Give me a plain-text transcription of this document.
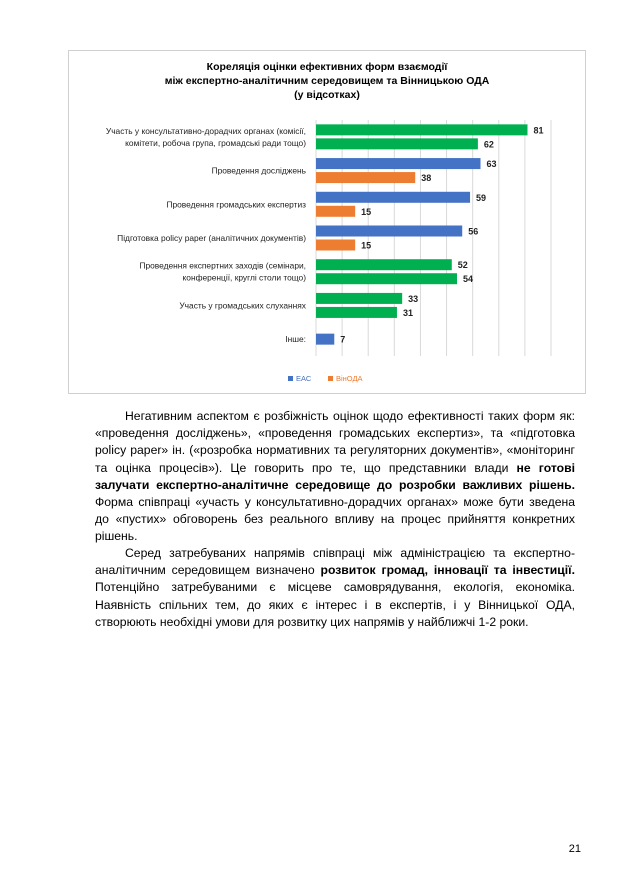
Кореляція оцінки ефективних форм взаємодії
між експертно-аналітичним середовищем та Вінницькою ОДА
(у відсотках)
Участь у консультативно-дорадчих органах (комісії,
комітети, робоча група, громадські ради тощо)
81
62
Проведення досліджень
63
38
Проведення громадських експертиз
59
15
Підготовка policy paper (аналітичних документів)
56
15
Проведення експертних заходів (семінари,
конференції, круглі столи тощо)
52
54
Участь у громадських слуханнях
33
31
Інше:	7
ЕАС	ВінОДА

Негативним аспектом є розбіжність оцінок щодо ефективності таких форм як: «проведення досліджень», «проведення громадських експертиз», та «підготовка policy paper» ін. («розробка нормативних та регуляторних документів», «моніторинг та оцінка процесів»). Це говорить про те, що представники влади не готові залучати експертно-аналітичне середовище до розробки важливих рішень. Форма співпраці «участь у консультативно-дорадчих органах» може бути зведена до «пустих» обговорень без реального впливу на процес прийняття конкретних рішень.

Серед затребуваних напрямів співпраці між адміністрацією та експертно-аналітичним середовищем визначено розвиток громад, інновації та інвестиції. Потенційно затребуваними є місцеве самоврядування, екологія, економіка. Наявність спільних тем, до яких є інтерес і в експертів, і у Вінницької ОДА, створюють необхідні умови для розвитку цих напрямів у найближчі 1-2 роки.

21
